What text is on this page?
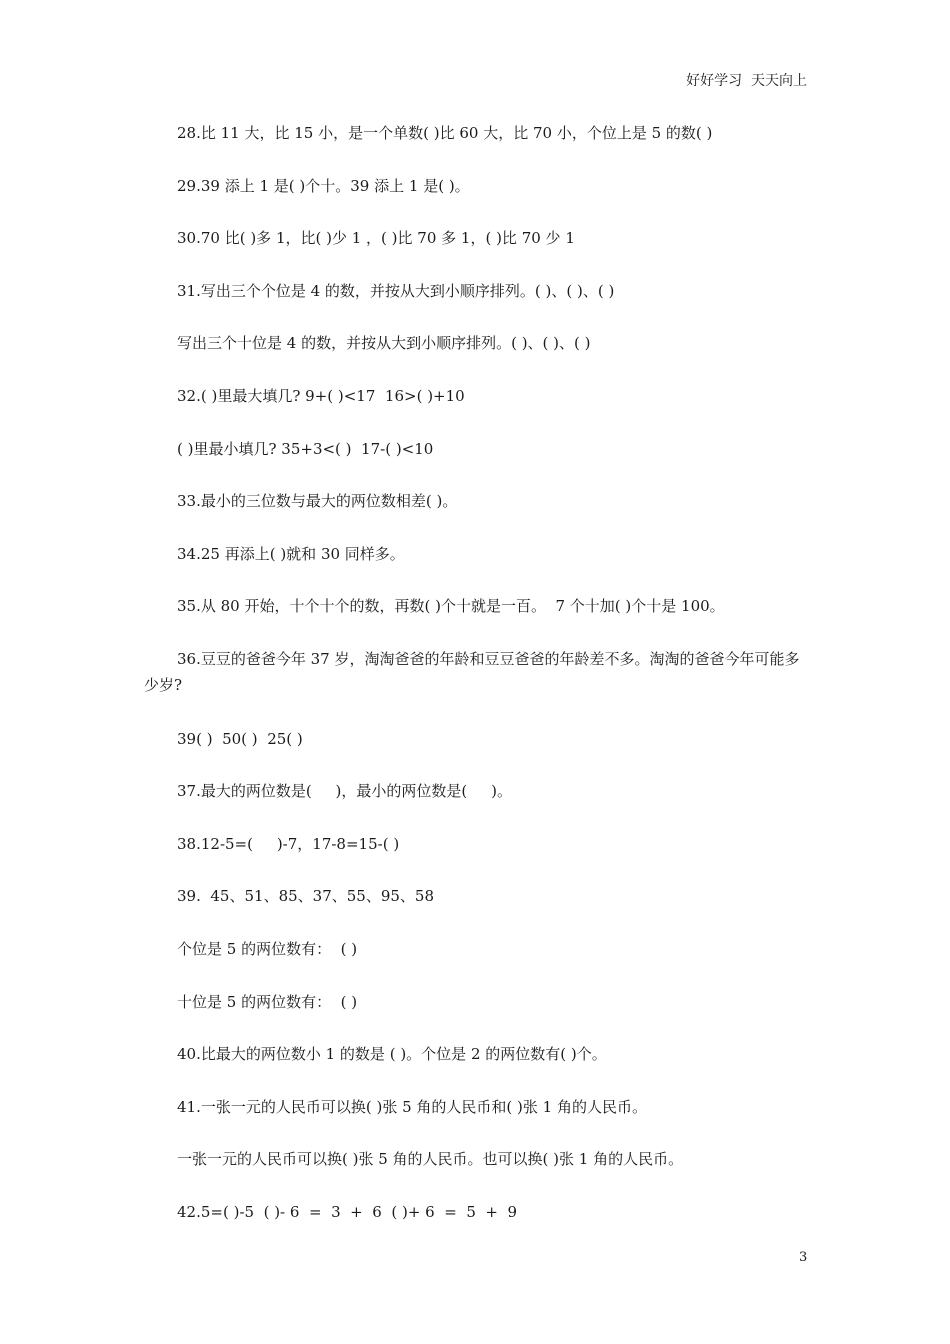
好好学习  天天向上

28.比 11 大，比 15 小，是一个单数( )比 60 大，比 70 小，个位上是 5 的数( )

29.39 添上 1 是( )个十。39 添上 1 是( )。

30.70 比( )多 1，比( )少 1 ，( )比 70 多 1，( )比 70 少 1

31.写出三个个位是 4 的数，并按从大到小顺序排列。( )、( )、( )

写出三个十位是 4 的数，并按从大到小顺序排列。( )、( )、( )

32.( )里最大填几? 9+( )<17  16>( )+10

( )里最小填几? 35+3<( )  17-( )<10

33.最小的三位数与最大的两位数相差( )。

34.25 再添上( )就和 30 同样多。

35.从 80 开始，十个十个的数，再数( )个十就是一百。  7 个十加( )个十是 100。

36.豆豆的爸爸今年 37 岁，淘淘爸爸的年龄和豆豆爸爸的年龄差不多。淘淘的爸爸今年可能多少岁?

39( )  50( )  25( )

37.最大的两位数是(     )，最小的两位数是(     )。

38.12-5=(     )-7，17-8=15-( )

39.  45、51、85、37、55、95、58

个位是 5 的两位数有：  ( )

十位是 5 的两位数有：  ( )

40.比最大的两位数小 1 的数是 ( )。个位是 2 的两位数有( )个。

41.一张一元的人民币可以换( )张 5 角的人民币和( )张 1 角的人民币。

一张一元的人民币可以换( )张 5 角的人民币。也可以换( )张 1 角的人民币。

42.5=( )-5  ( )- 6  =  3  +  6  ( )+ 6  =  5  +  9

3
